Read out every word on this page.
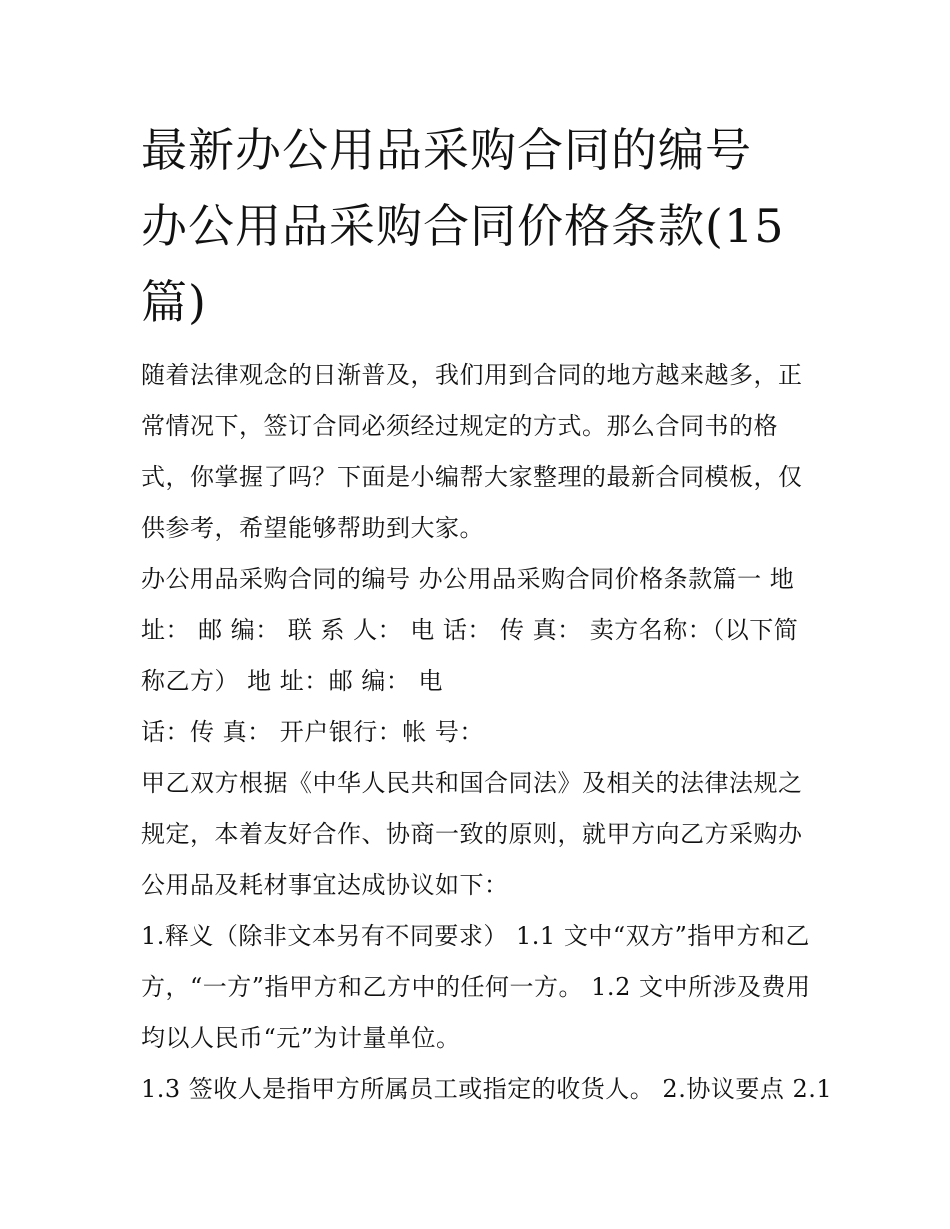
最新办公用品采购合同的编号
办公用品采购合同价格条款(15
篇)
随着法律观念的日渐普及，我们用到合同的地方越来越多，正
常情况下，签订合同必须经过规定的方式。那么合同书的格
式，你掌握了吗？下面是小编帮大家整理的最新合同模板，仅
供参考，希望能够帮助到大家。
办公用品采购合同的编号 办公用品采购合同价格条款篇一 地
址： 邮 编： 联 系 人： 电 话： 传 真： 卖方名称：（以下简
称乙方） 地 址：邮 编： 电
话：传 真： 开户银行：帐 号：
甲乙双方根据《中华人民共和国合同法》及相关的法律法规之
规定，本着友好合作、协商一致的原则，就甲方向乙方采购办
公用品及耗材事宜达成协议如下：
1.释义（除非文本另有不同要求） 1.1 文中“双方”指甲方和乙
方，“一方”指甲方和乙方中的任何一方。 1.2 文中所涉及费用
均以人民币“元”为计量单位。
1.3 签收人是指甲方所属员工或指定的收货人。 2.协议要点 2.1
